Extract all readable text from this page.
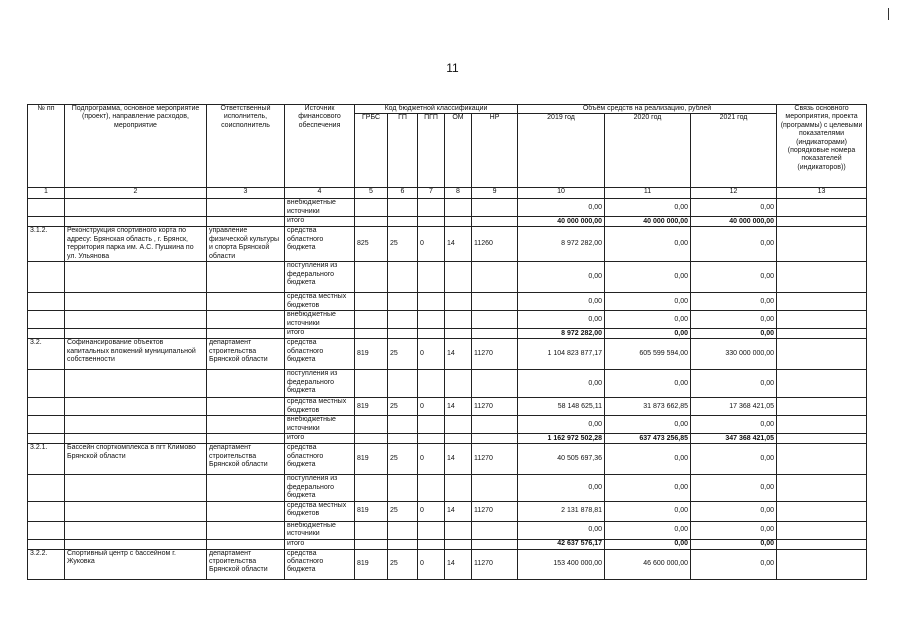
11
№ пп	Подпрограмма, основное мероприятие (проект), направление расходов, мероприятие	Ответственный исполнитель, соисполнитель	Источник финансового обеспечения	Код бюджетной классификации					Объём средств на реализацию, рублей			Связь основного мероприятия, проекта (программы) с целевыми показателями (индикаторами) (порядковые номера показателей (индикаторов))
				ГРБС	ГП	ПГП	ОМ	НР	2019 год	2020 год	2021 год	
1	2	3	4	5	6	7	8	9	10	11	12	13
			внебюджетные источники						0,00	0,00	0,00	
			итого						40 000 000,00	40 000 000,00	40 000 000,00	
3.1.2.	Реконструкция спортивного корта по адресу: Брянская область , г. Брянск, территория парка им. А.С. Пушкина по ул. Ульянова	управление физической культуры и спорта Брянской области	средства областного бюджета	825	25	0	14	11260	8 972 282,00	0,00	0,00	
			поступления из федерального бюджета						0,00	0,00	0,00	
			средства местных бюджетов						0,00	0,00	0,00	
			внебюджетные источники						0,00	0,00	0,00	
			итого						8 972 282,00	0,00	0,00	
3.2.	Софинансирование объектов капитальных вложений муниципальной собственности	департамент строительства Брянской области	средства областного бюджета	819	25	0	14	11270	1 104 823 877,17	605 599 594,00	330 000 000,00	
			поступления из федерального бюджета						0,00	0,00	0,00	
			средства местных бюджетов	819	25	0	14	11270	58 148 625,11	31 873 662,85	17 368 421,05	
			внебюджетные источники						0,00	0,00	0,00	
			итого						1 162 972 502,28	637 473 256,85	347 368 421,05	
3.2.1.	Бассейн спорткомплекса в пгт Климово Брянской области	департамент строительства Брянской области	средства областного бюджета	819	25	0	14	11270	40 505 697,36	0,00	0,00	
			поступления из федерального бюджета						0,00	0,00	0,00	
			средства местных бюджетов	819	25	0	14	11270	2 131 878,81	0,00	0,00	
			внебюджетные источники						0,00	0,00	0,00	
			итого						42 637 576,17	0,00	0,00	
3.2.2.	Спортивный центр с бассейном г. Жуковка	департамент строительства Брянской области	средства областного бюджета	819	25	0	14	11270	153 400 000,00	46 600 000,00	0,00	
